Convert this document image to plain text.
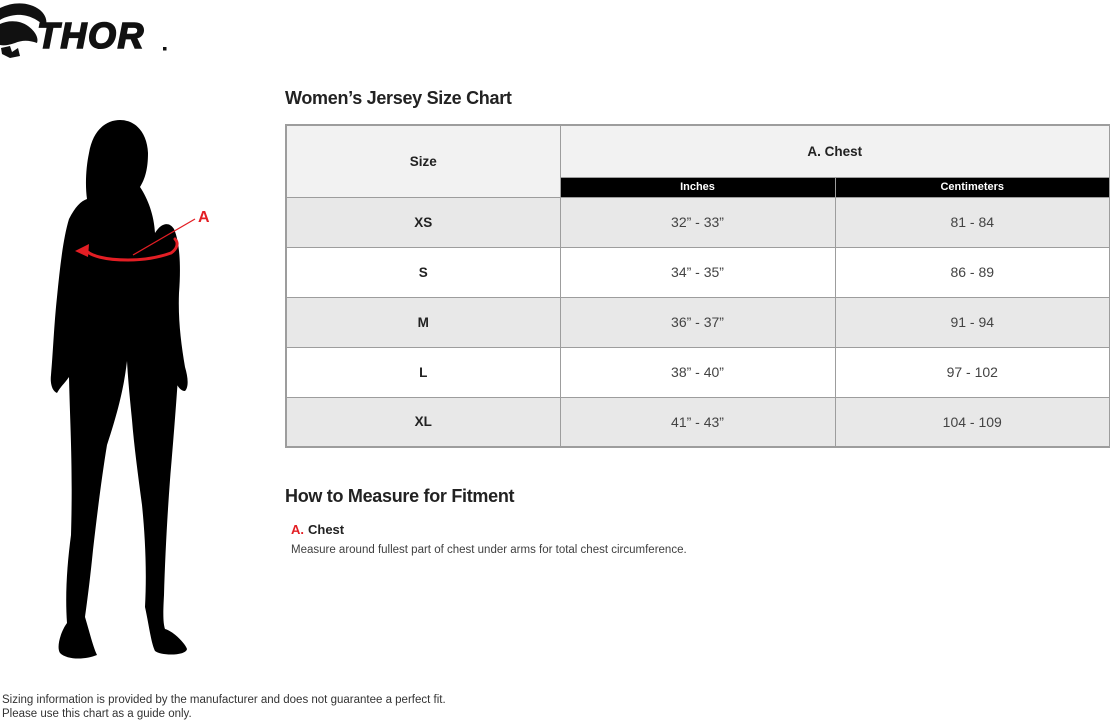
THOR
A
Women’s Jersey Size Chart
Size	A. Chest	
	Inches	Centimeters
XS	32” - 33”	81 - 84
S	34” - 35”	86 - 89
M	36” - 37”	91 - 94
L	38” - 40”	97 - 102
XL	41” - 43”	104 - 109
How to Measure for Fitment
A. Chest
Measure around fullest part of chest under arms for total chest circumference.
Sizing information is provided by the manufacturer and does not guarantee a perfect fit.
Please use this chart as a guide only.
